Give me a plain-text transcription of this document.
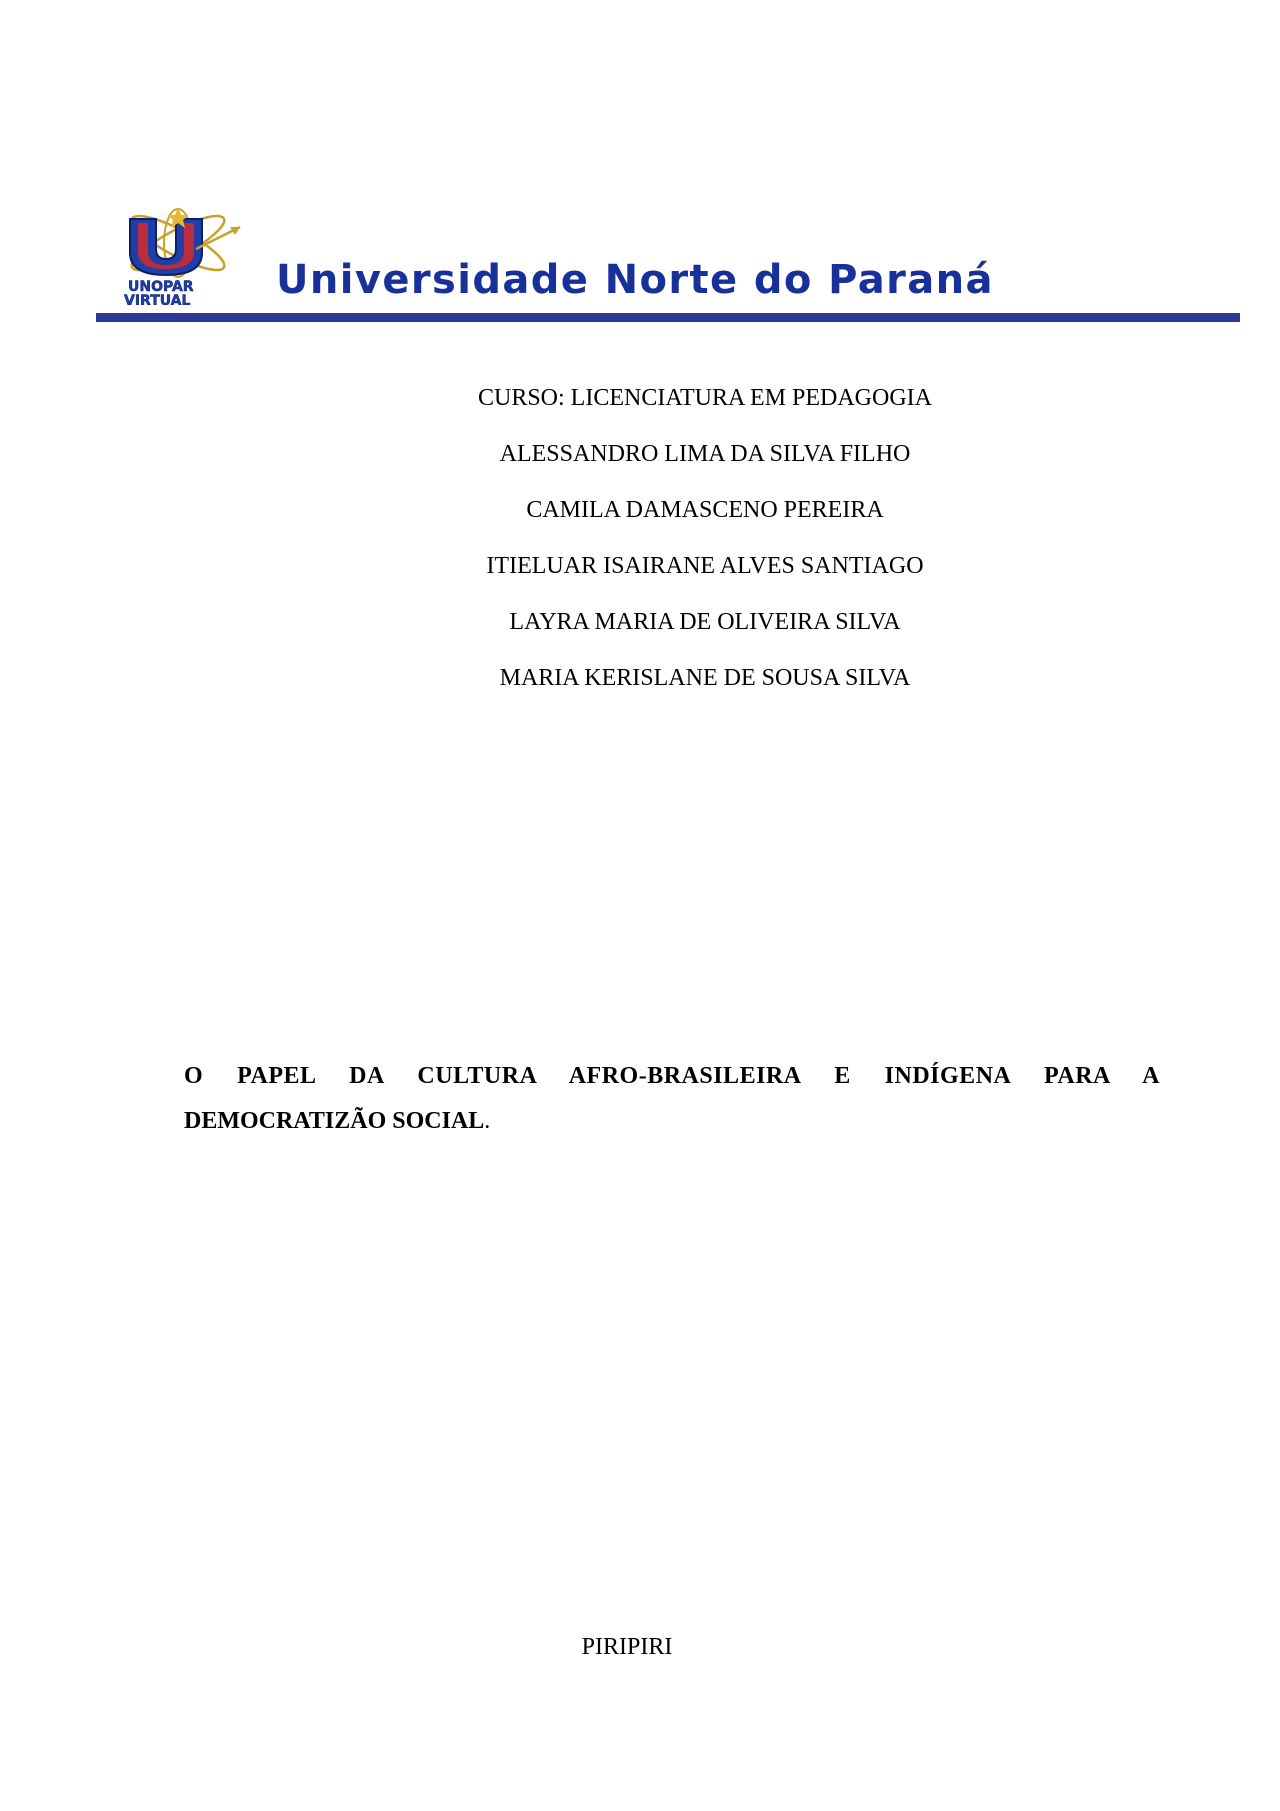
UNOPAR
VIRTUAL Universidade Norte do Paraná
CURSO: LICENCIATURA EM PEDAGOGIA
ALESSANDRO LIMA DA SILVA FILHO
CAMILA DAMASCENO PEREIRA
ITIELUAR ISAIRANE ALVES SANTIAGO
LAYRA MARIA DE OLIVEIRA SILVA
MARIA KERISLANE DE SOUSA SILVA
O PAPEL DA CULTURA AFRO-BRASILEIRA E INDÍGENA PARA A
DEMOCRATIZÃO SOCIAL.
PIRIPIRI
